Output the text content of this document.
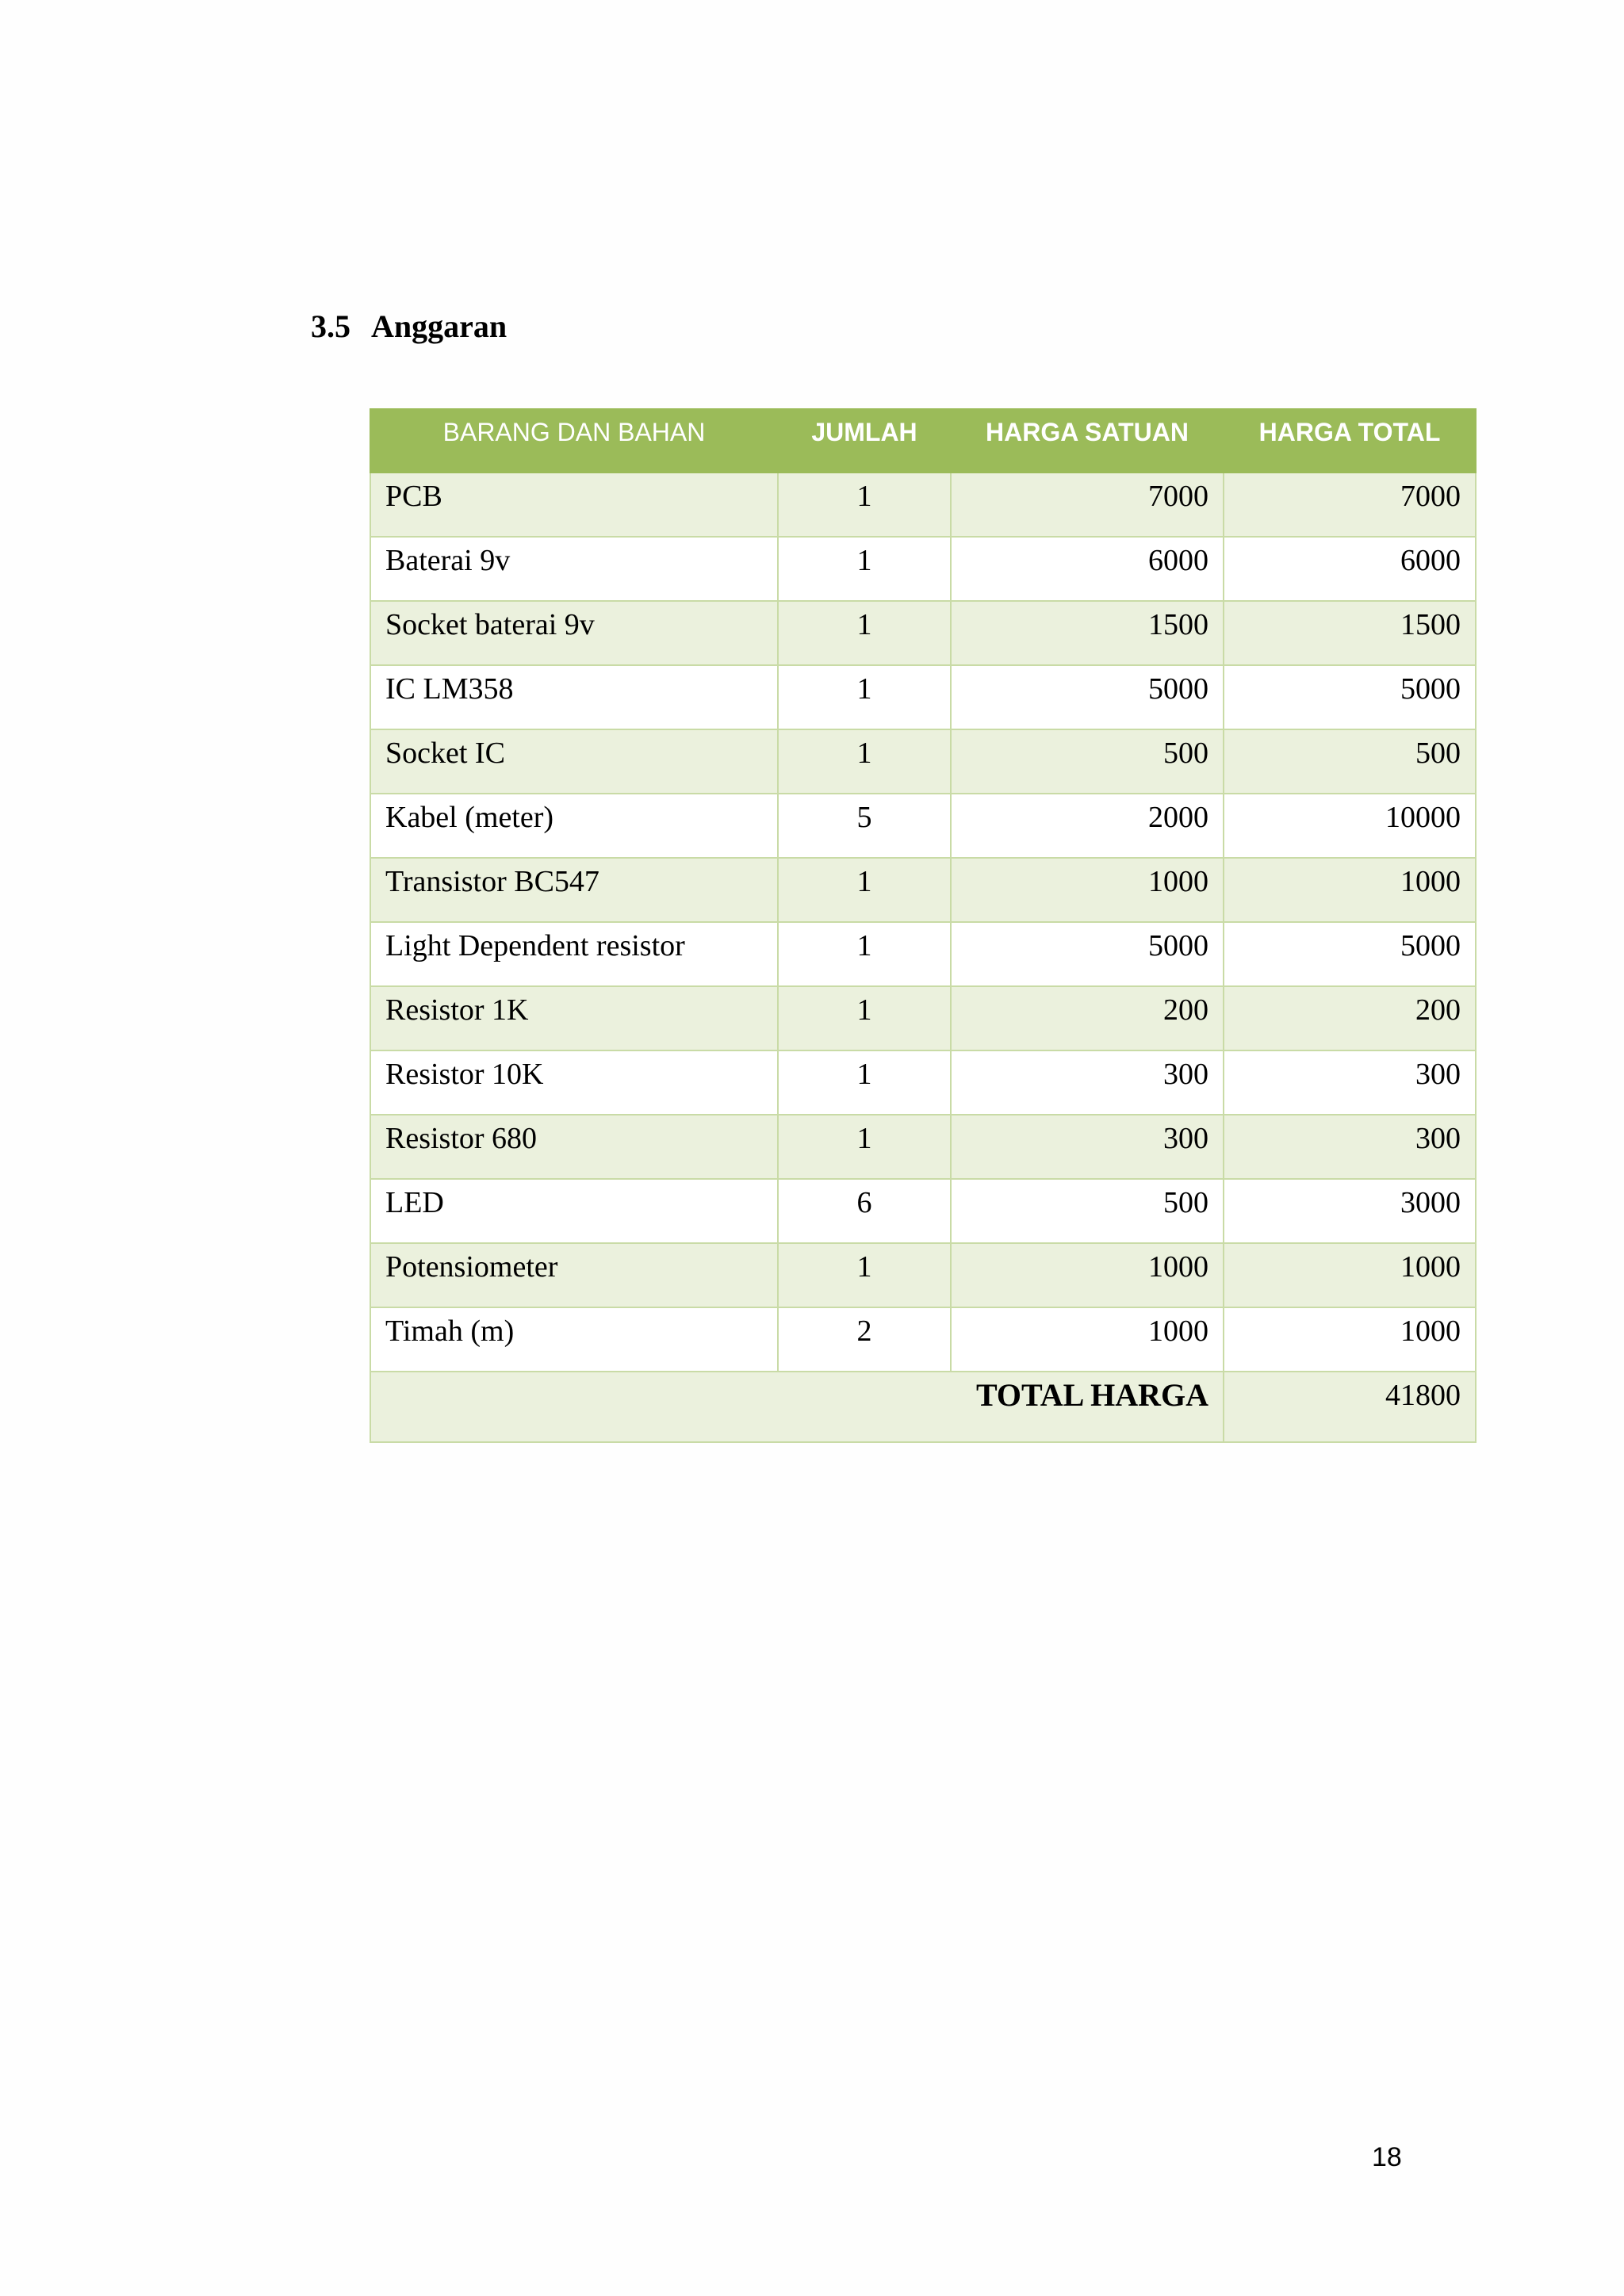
3.5 Anggaran
BARANG DAN BAHAN	JUMLAH	HARGA SATUAN	HARGA TOTAL
PCB	1	7000	7000
Baterai 9v	1	6000	6000
Socket baterai 9v	1	1500	1500
IC LM358	1	5000	5000
Socket IC	1	500	500
Kabel (meter)	5	2000	10000
Transistor BC547	1	1000	1000
Light Dependent resistor	1	5000	5000
Resistor 1K	1	200	200
Resistor 10K	1	300	300
Resistor 680	1	300	300
LED	6	500	3000
Potensiometer	1	1000	1000
Timah (m)	2	1000	1000
TOTAL HARGA			41800
18
